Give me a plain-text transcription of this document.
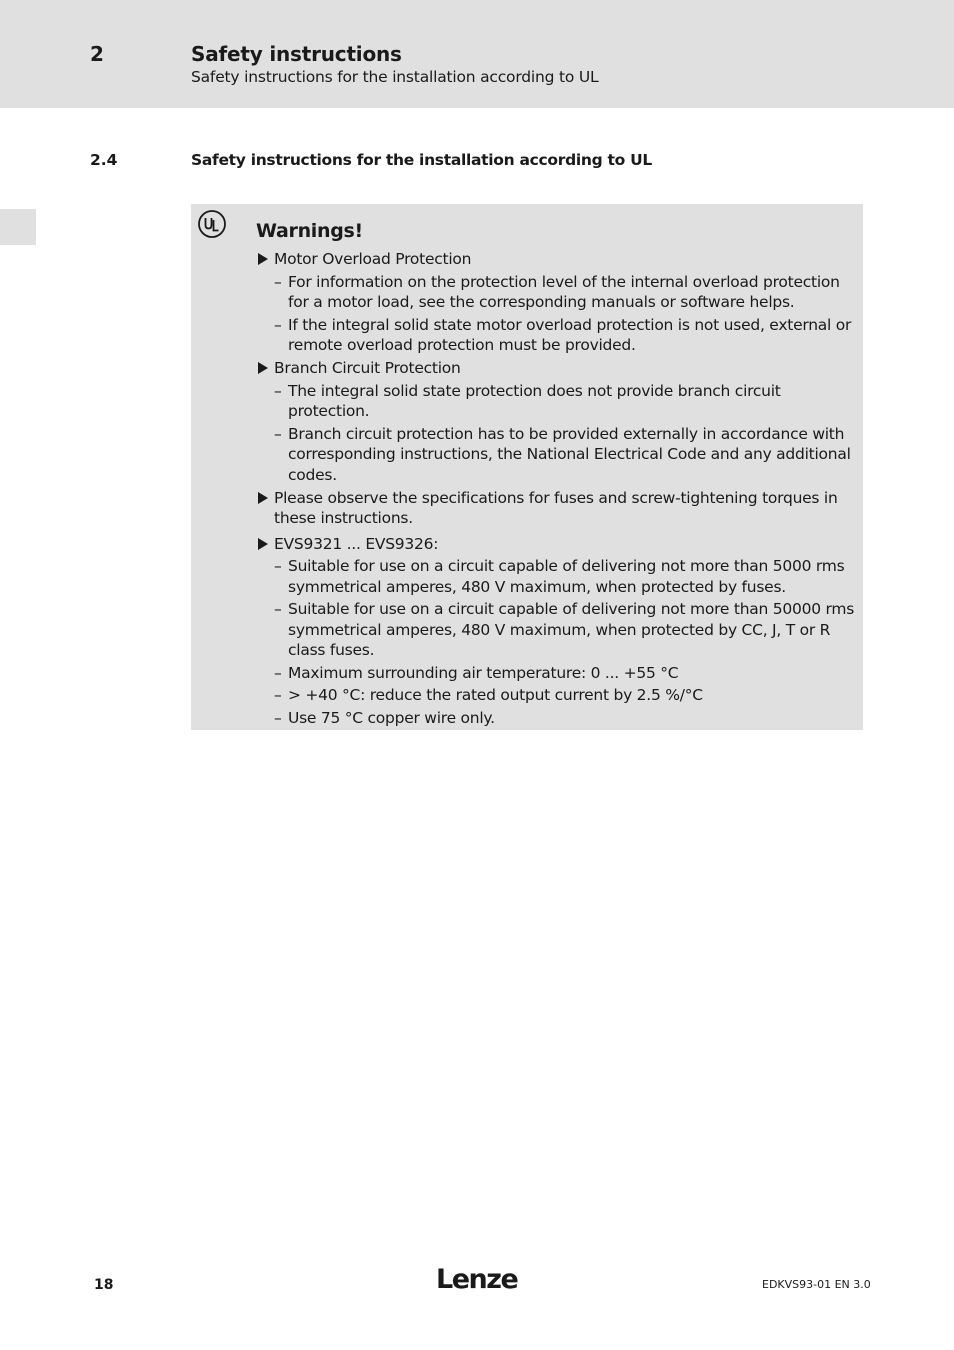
2	Safety instructions
Safety instructions for the installation according to UL
2.4	Safety instructions for the installation according to UL
Warnings!
Motor Overload Protection
– For information on the protection level of the internal overload protection for a motor load, see the corresponding manuals or software helps.
– If the integral solid state motor overload protection is not used, external or remote overload protection must be provided.
Branch Circuit Protection
– The integral solid state protection does not provide branch circuit protection.
– Branch circuit protection has to be provided externally in accordance with corresponding instructions, the National Electrical Code and any additional codes.
Please observe the specifications for fuses and screw-tightening torques in these instructions.
EVS9321 ... EVS9326:
– Suitable for use on a circuit capable of delivering not more than 5000 rms symmetrical amperes, 480 V maximum, when protected by fuses.
– Suitable for use on a circuit capable of delivering not more than 50000 rms symmetrical amperes, 480 V maximum, when protected by CC, J, T or R class fuses.
– Maximum surrounding air temperature: 0 ... +55 °C
– > +40 °C: reduce the rated output current by 2.5 %/°C
– Use 75 °C copper wire only.
18	Lenze	EDKVS93-01 EN 3.0
